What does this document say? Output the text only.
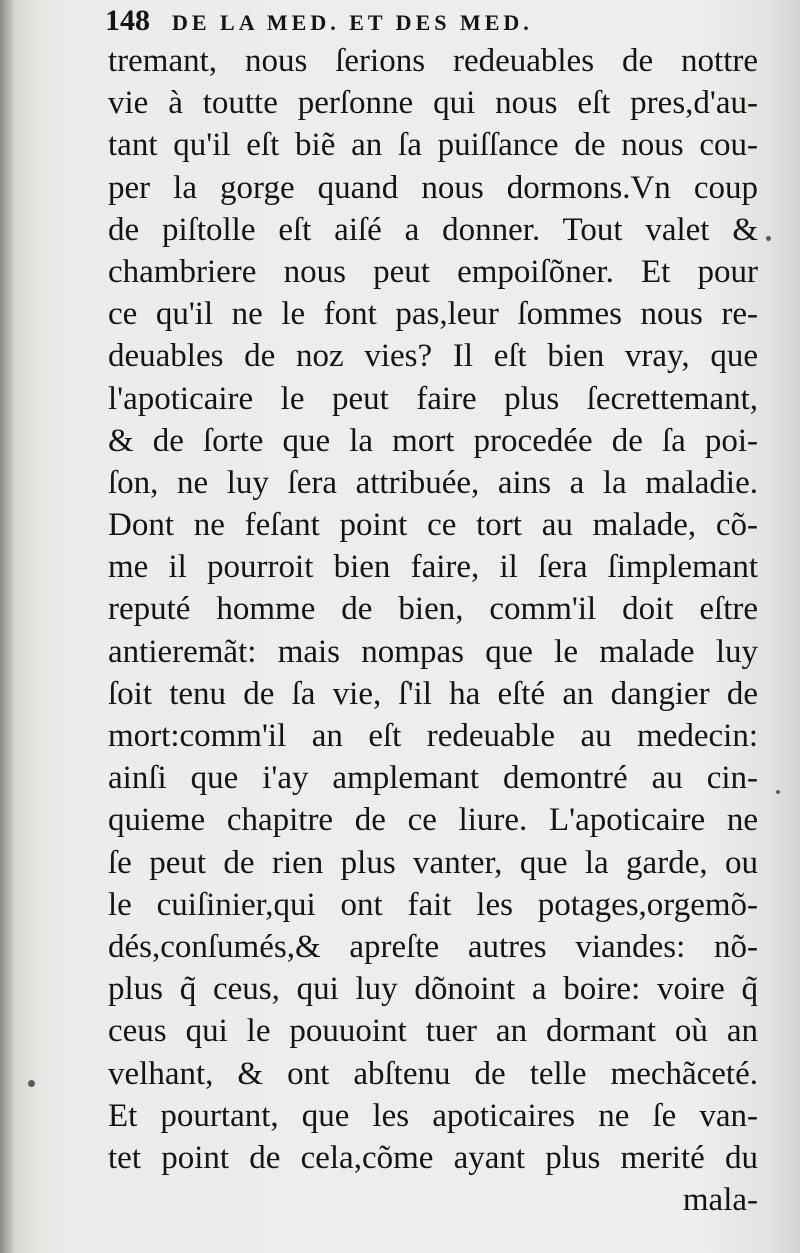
148 DE LA MED. ET DES MED.
tremant, nous ſerions redeuables de nottre
vie à toutte perſonne qui nous eſt pres,d'au-
tant qu'il eſt biẽ an ſa puiſſance de nous cou-
per la gorge quand nous dormons.Vn coup
de piſtolle eſt aiſé a donner. Tout valet &
chambriere nous peut empoiſõner. Et pour
ce qu'il ne le font pas,leur ſommes nous re-
deuables de noz vies? Il eſt bien vray, que
l'apoticaire le peut faire plus ſecrettemant,
& de ſorte que la mort procedée de ſa poi-
ſon, ne luy ſera attribuée, ains a la maladie.
Dont ne feſant point ce tort au malade, cõ-
me il pourroit bien faire, il ſera ſimplemant
reputé homme de bien, comm'il doit eſtre
antieremãt: mais nompas que le malade luy
ſoit tenu de ſa vie, ſ'il ha eſté an dangier de
mort:comm'il an eſt redeuable au medecin:
ainſi que i'ay amplemant demontré au cin-
quieme chapitre de ce liure. L'apoticaire ne
ſe peut de rien plus vanter, que la garde, ou
le cuiſinier,qui ont fait les potages,orgemõ-
dés,conſumés,& apreſte autres viandes: nõ-
plus q̃ ceus, qui luy dõnoint a boire: voire q̃
ceus qui le pouuoint tuer an dormant où an
velhant, & ont abſtenu de telle mechãceté.
Et pourtant, que les apoticaires ne ſe van-
tet point de cela,cõme ayant plus merité du
mala-
